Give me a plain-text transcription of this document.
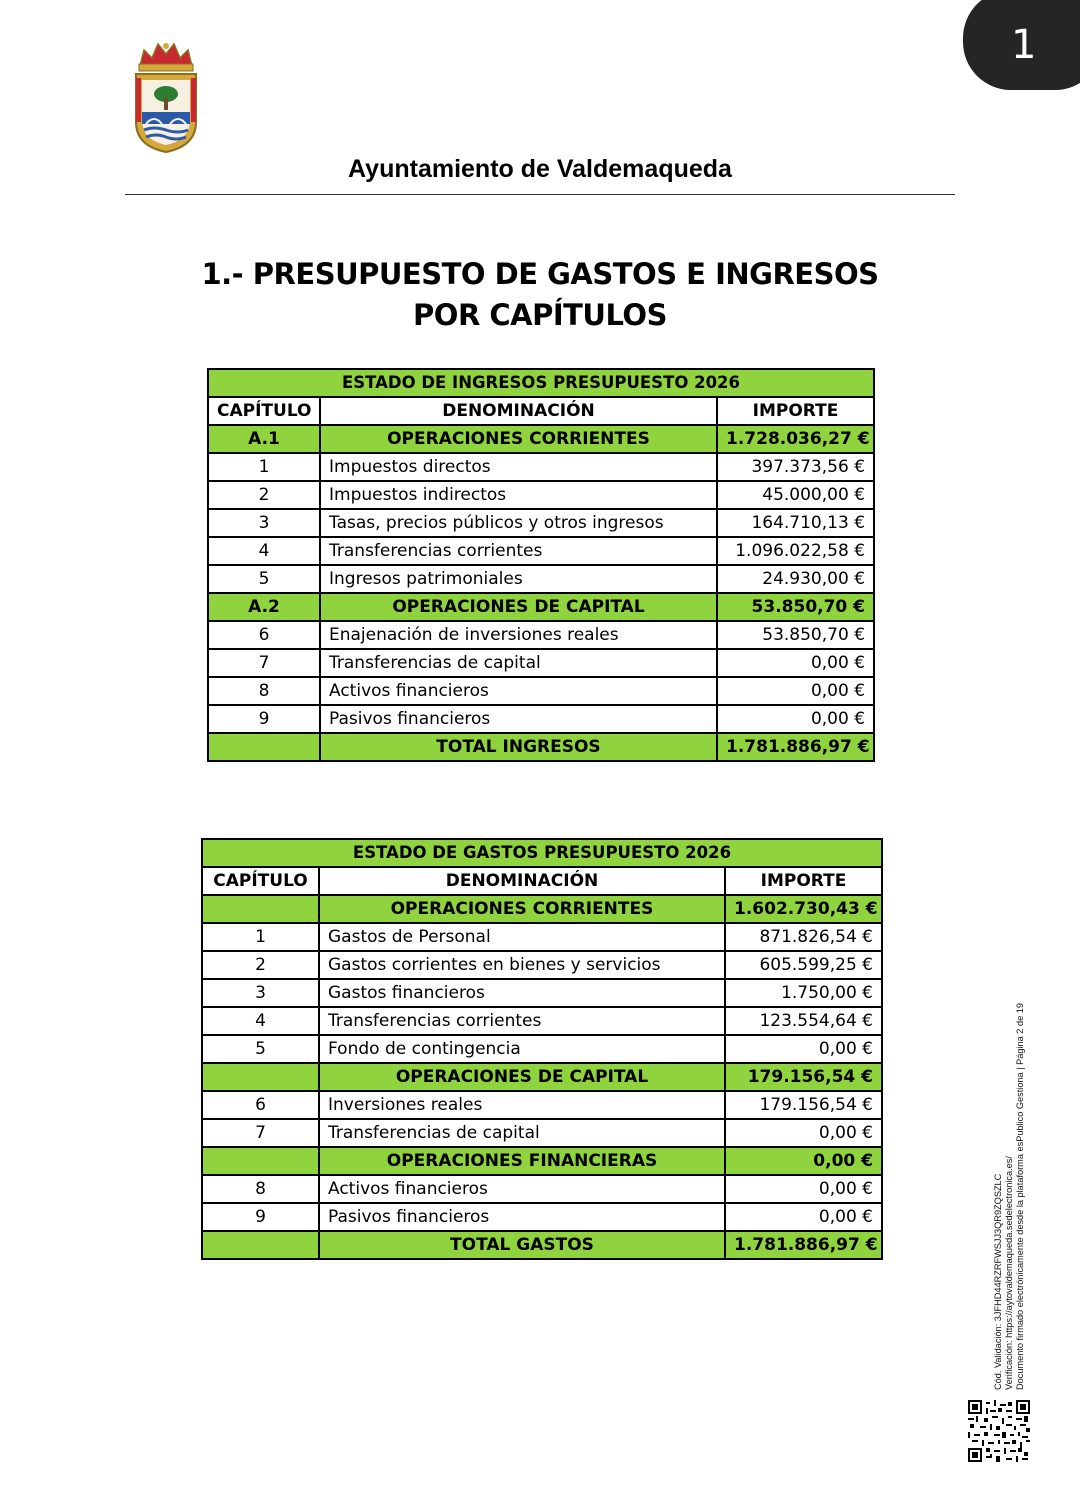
1
Ayuntamiento de Valdemaqueda
1.- PRESUPUESTO DE GASTOS E INGRESOS
POR CAPÍTULOS
ESTADO DE INGRESOS PRESUPUESTO 2026		
CAPÍTULO	DENOMINACIÓN	IMPORTE
A.1	OPERACIONES CORRIENTES	1.728.036,27 €
1	Impuestos directos	397.373,56 €
2	Impuestos indirectos	45.000,00 €
3	Tasas, precios públicos y otros ingresos	164.710,13 €
4	Transferencias corrientes	1.096.022,58 €
5	Ingresos patrimoniales	24.930,00 €
A.2	OPERACIONES DE CAPITAL	53.850,70 €
6	Enajenación de inversiones reales	53.850,70 €
7	Transferencias de capital	0,00 €
8	Activos financieros	0,00 €
9	Pasivos financieros	0,00 €
	TOTAL INGRESOS	1.781.886,97 €
ESTADO DE GASTOS PRESUPUESTO 2026		
CAPÍTULO	DENOMINACIÓN	IMPORTE
	OPERACIONES CORRIENTES	1.602.730,43 €
1	Gastos de Personal	871.826,54 €
2	Gastos corrientes en bienes y servicios	605.599,25 €
3	Gastos financieros	1.750,00 €
4	Transferencias corrientes	123.554,64 €
5	Fondo de contingencia	0,00 €
	OPERACIONES DE CAPITAL	179.156,54 €
6	Inversiones reales	179.156,54 €
7	Transferencias de capital	0,00 €
	OPERACIONES FINANCIERAS	0,00 €
8	Activos financieros	0,00 €
9	Pasivos financieros	0,00 €
	TOTAL GASTOS	1.781.886,97 €	Cód. Validación: 3JFHD44RZRFWSJJ3QR9ZQSZLC Verificación: https://aytovaldemaqueda.sedelectronica.es/ Documento firmado electrónicamente desde la plataforma esPublico Gestiona | Página 2 de 19
